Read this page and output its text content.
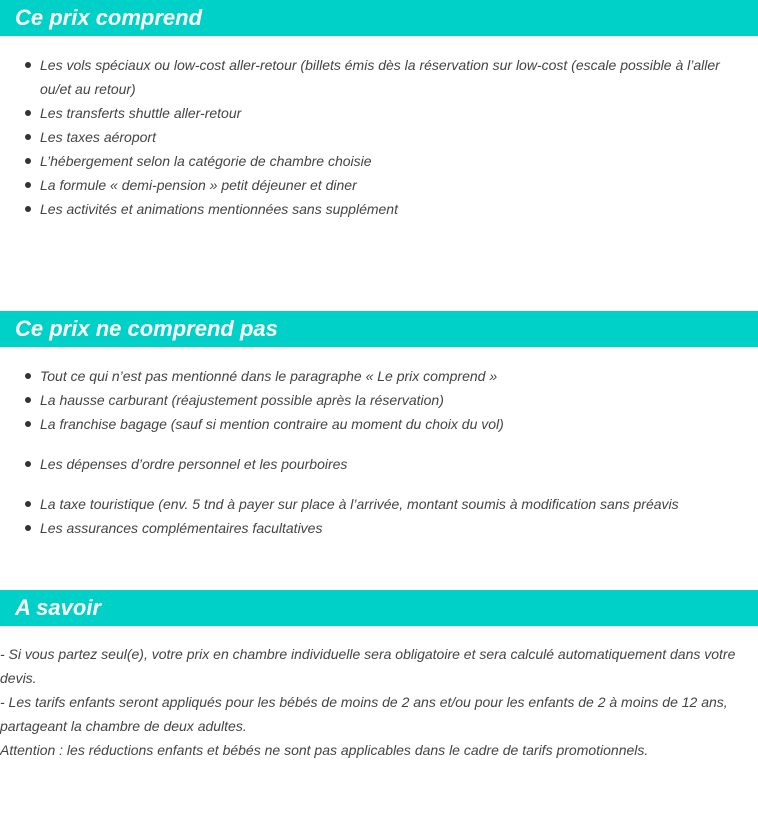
Ce prix comprend
Les vols spéciaux ou low-cost aller-retour (billets émis dès la réservation sur low-cost (escale possible à l’aller ou/et au retour)
Les transferts shuttle aller-retour
Les taxes aéroport
L’hébergement selon la catégorie de chambre choisie
La formule « demi-pension » petit déjeuner et diner
Les activités et animations mentionnées sans supplément
Ce prix ne comprend pas
Tout ce qui n’est pas mentionné dans le paragraphe « Le prix comprend »
La hausse carburant (réajustement possible après la réservation)
La franchise bagage (sauf si mention contraire au moment du choix du vol)
Les dépenses d’ordre personnel et les pourboires
La taxe touristique (env. 5 tnd à payer sur place à l’arrivée, montant soumis à modification sans préavis
Les assurances complémentaires facultatives
A savoir

- Si vous partez seul(e), votre prix en chambre individuelle sera obligatoire et sera calculé automatiquement dans votre devis.

- Les tarifs enfants seront appliqués pour les bébés de moins de 2 ans et/ou pour les enfants de 2 à moins de 12 ans, partageant la chambre de deux adultes.

Attention : les réductions enfants et bébés ne sont pas applicables dans le cadre de tarifs promotionnels.
